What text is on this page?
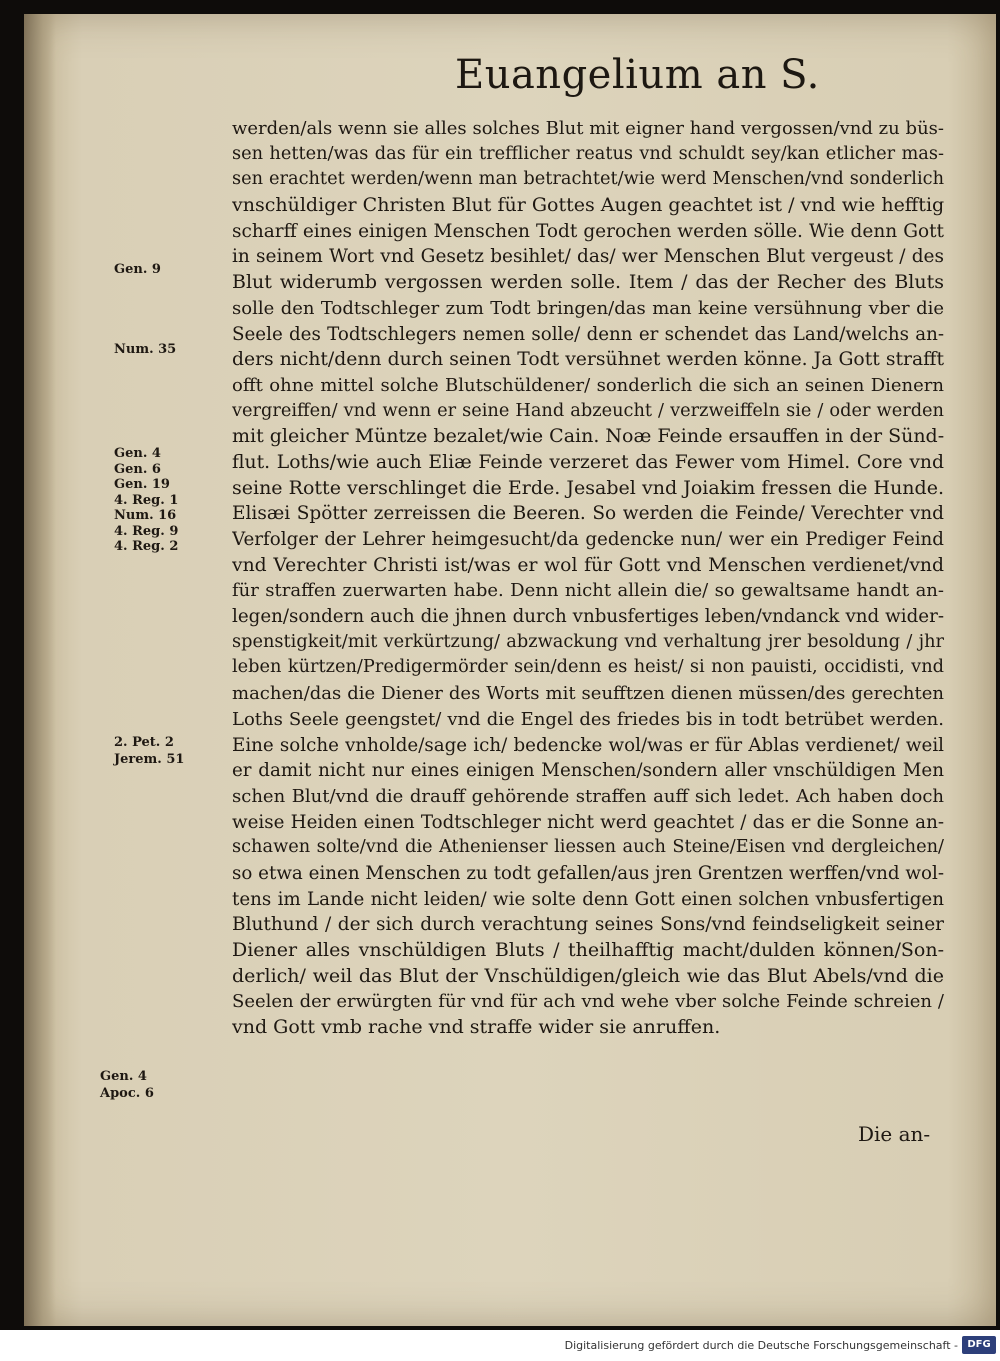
Euangelium an S.
werden/als wenn sie alles solches Blut mit eigner hand vergossen/vnd zu büs-
sen hetten/was das für ein trefflicher reatus vnd schuldt sey/kan etlicher mas-
sen erachtet werden/wenn man betrachtet/wie werd Menschen/vnd sonderlich
vnschüldiger Christen Blut für Gottes Augen geachtet ist / vnd wie hefftig
scharff eines einigen Menschen Todt gerochen werden sölle. Wie denn Gott
in seinem Wort vnd Gesetz besihlet/ das/ wer Menschen Blut vergeust / des
Blut widerumb vergossen werden solle. Item / das der Recher des Bluts
solle den Todtschleger zum Todt bringen/das man keine versühnung vber die
Seele des Todtschlegers nemen solle/ denn er schendet das Land/welchs an-
ders nicht/denn durch seinen Todt versühnet werden könne. Ja Gott strafft
offt ohne mittel solche Blutschüldener/ sonderlich die sich an seinen Dienern
vergreiffen/ vnd wenn er seine Hand abzeucht / verzweiffeln sie / oder werden
mit gleicher Müntze bezalet/wie Cain. Noæ Feinde ersauffen in der Sünd-
flut. Loths/wie auch Eliæ Feinde verzeret das Fewer vom Himel. Core vnd
seine Rotte verschlinget die Erde. Jesabel vnd Joiakim fressen die Hunde.
Elisæi Spötter zerreissen die Beeren. So werden die Feinde/ Verechter vnd
Verfolger der Lehrer heimgesucht/da gedencke nun/ wer ein Prediger Feind
vnd Verechter Christi ist/was er wol für Gott vnd Menschen verdienet/vnd
für straffen zuerwarten habe. Denn nicht allein die/ so gewaltsame handt an-
legen/sondern auch die jhnen durch vnbusfertiges leben/vndanck vnd wider-
spenstigkeit/mit verkürtzung/ abzwackung vnd verhaltung jrer besoldung / jhr
leben kürtzen/Predigermörder sein/denn es heist/ si non pauisti, occidisti, vnd
machen/das die Diener des Worts mit seufftzen dienen müssen/des gerechten
Loths Seele geengstet/ vnd die Engel des friedes bis in todt betrübet werden.
Eine solche vnholde/sage ich/ bedencke wol/was er für Ablas verdienet/ weil
er damit nicht nur eines einigen Menschen/sondern aller vnschüldigen Men
schen Blut/vnd die drauff gehörende straffen auff sich ledet. Ach haben doch
weise Heiden einen Todtschleger nicht werd geachtet / das er die Sonne an-
schawen solte/vnd die Athenienser liessen auch Steine/Eisen vnd dergleichen/
so etwa einen Menschen zu todt gefallen/aus jren Grentzen werffen/vnd wol-
tens im Lande nicht leiden/ wie solte denn Gott einen solchen vnbusfertigen
Bluthund / der sich durch verachtung seines Sons/vnd feindseligkeit seiner
Diener alles vnschüldigen Bluts / theilhafftig macht/dulden können/Son-
derlich/ weil das Blut der Vnschüldigen/gleich wie das Blut Abels/vnd die
Seelen der erwürgten für vnd für ach vnd wehe vber solche Feinde schreien /
vnd Gott vmb rache vnd straffe wider sie anruffen.
Die an-
Gen. 9
Num. 35
Gen. 4
Gen. 6
Gen. 19
4. Reg. 1
Num. 16
4. Reg. 9
4. Reg. 2
2. Pet. 2
Jerem. 51
Gen. 4
Apoc. 6
Digitalisierung gefördert durch die Deutsche Forschungsgemeinschaft - DFG
